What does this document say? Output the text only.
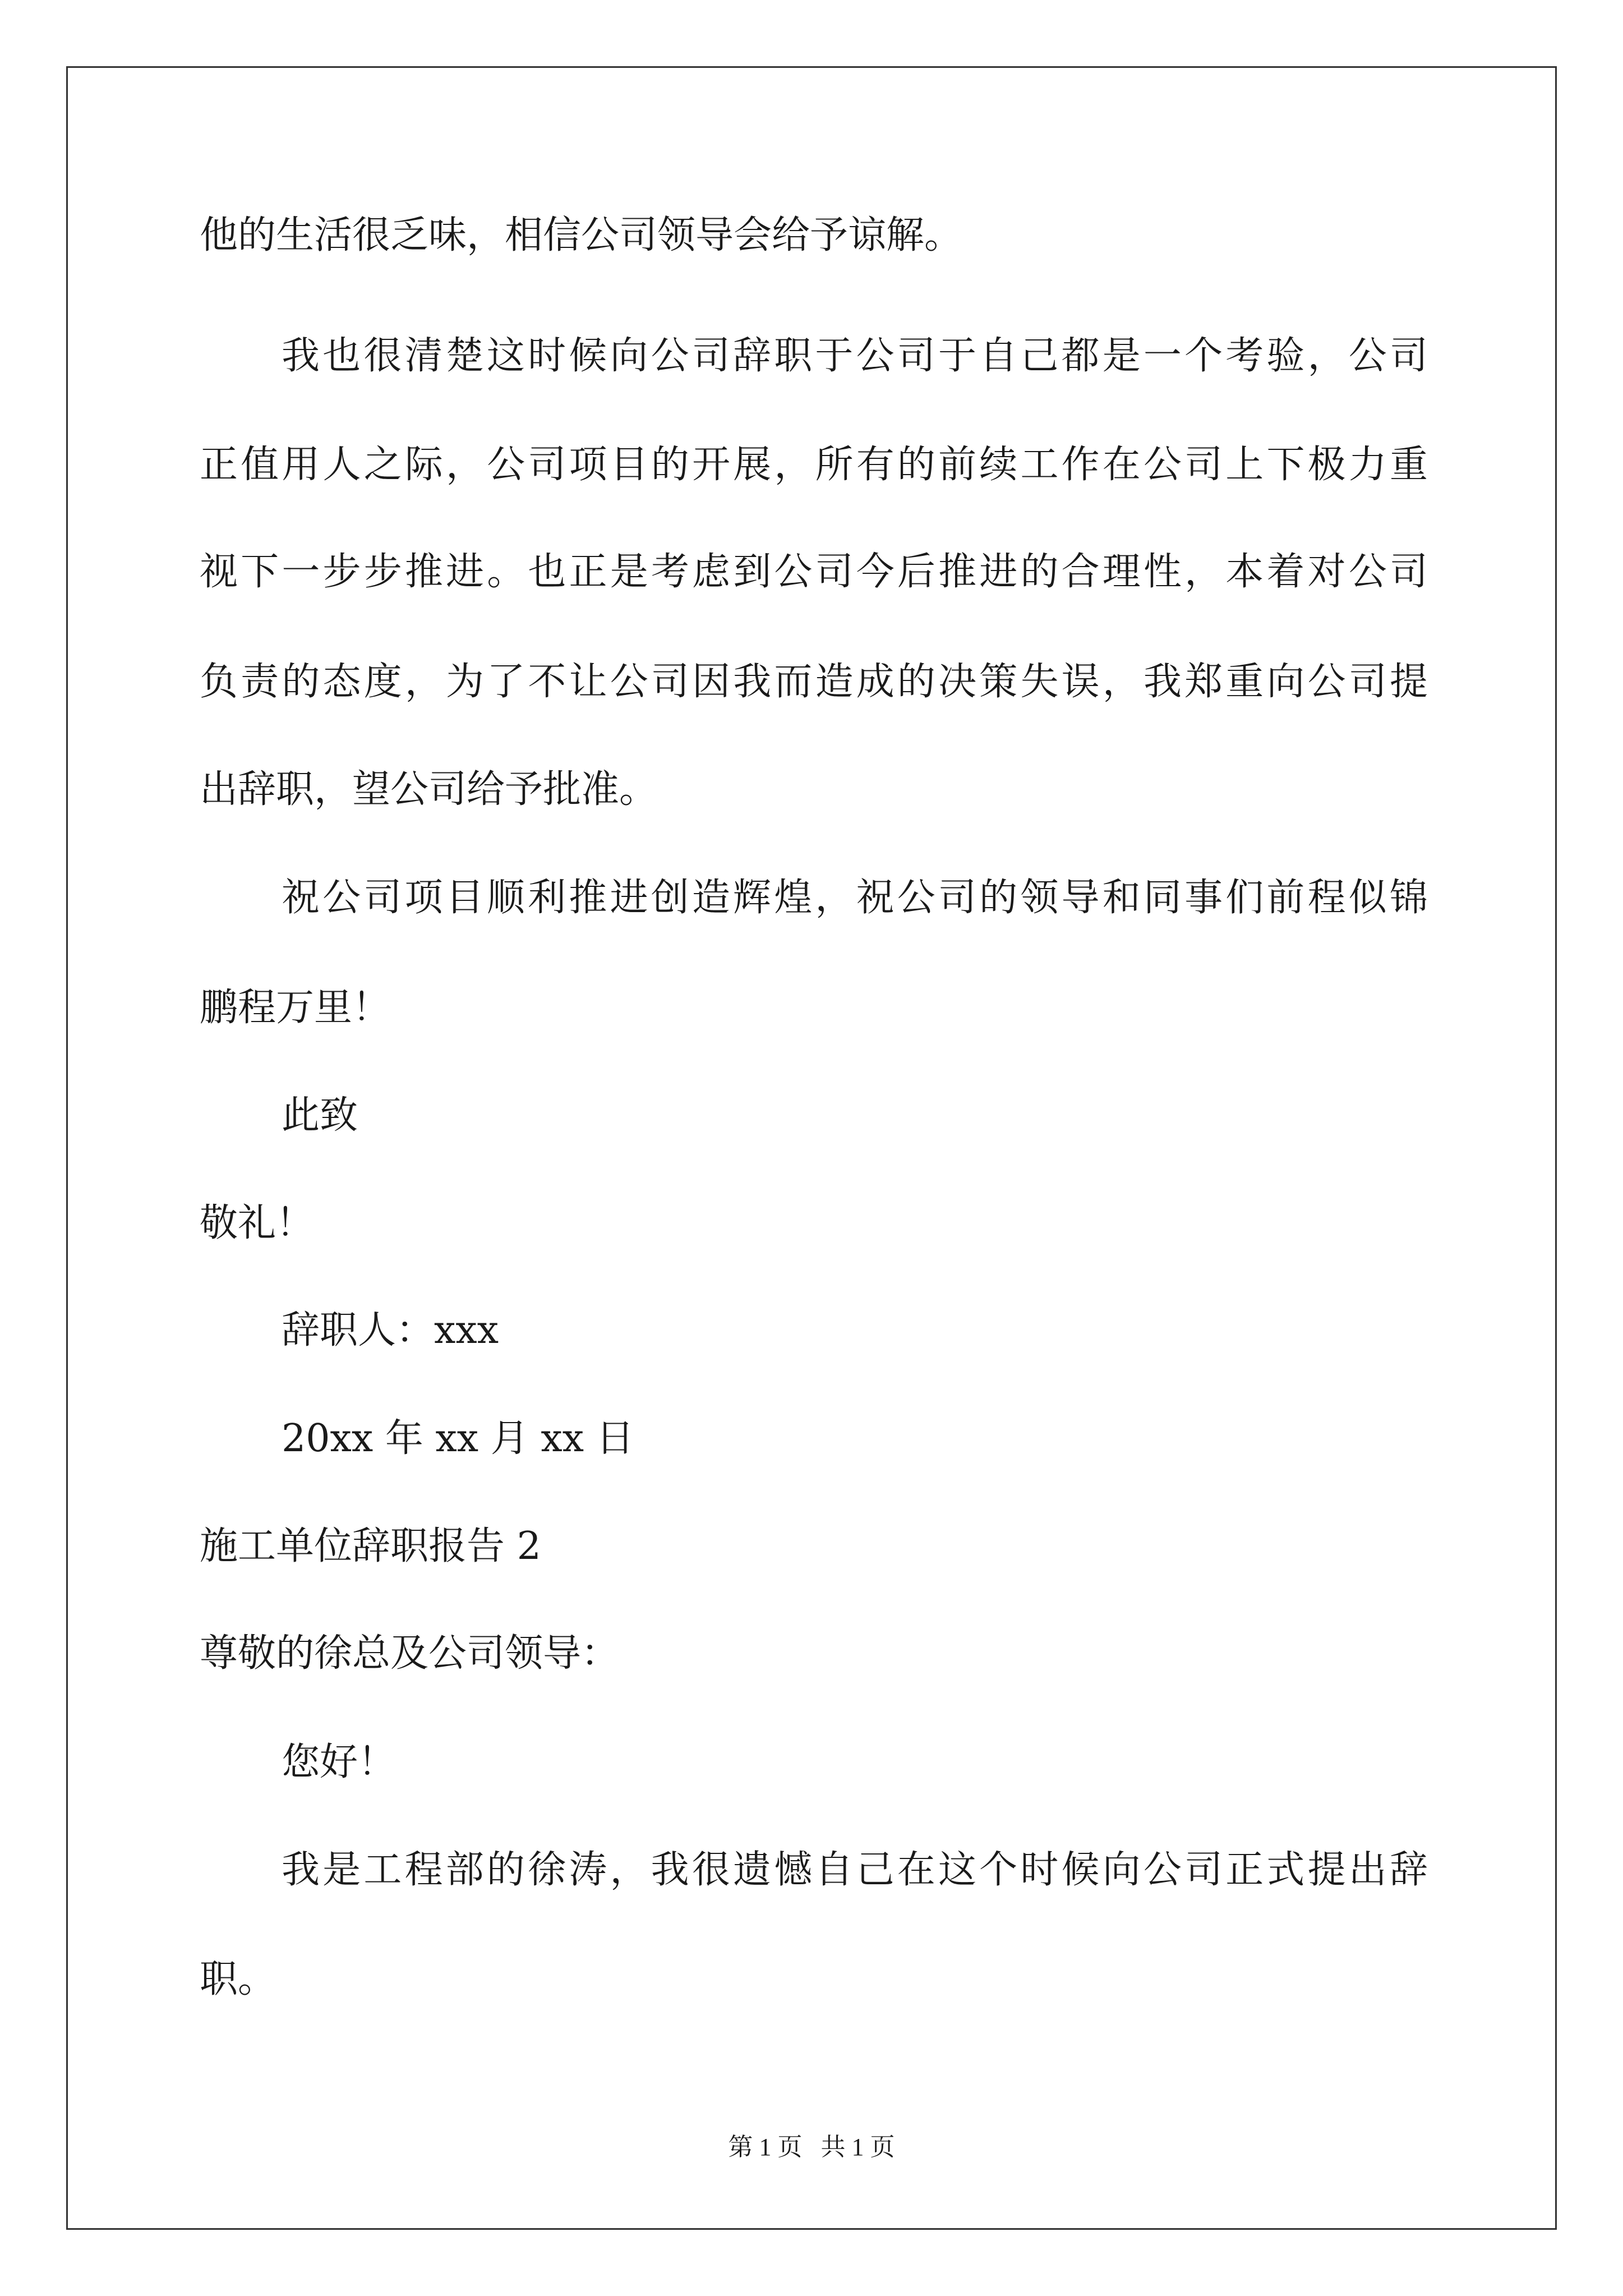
他的生活很乏味，相信公司领导会给予谅解。
我也很清楚这时候向公司辞职于公司于自己都是一个考验，公司
正值用人之际，公司项目的开展，所有的前续工作在公司上下极力重
视下一步步推进。也正是考虑到公司今后推进的合理性，本着对公司
负责的态度，为了不让公司因我而造成的决策失误，我郑重向公司提
出辞职，望公司给予批准。
祝公司项目顺利推进创造辉煌，祝公司的领导和同事们前程似锦
鹏程万里！
此致
敬礼！
辞职人：xxx
20xx 年 xx 月 xx 日
施工单位辞职报告 2
尊敬的徐总及公司领导：
您好！
我是工程部的徐涛，我很遗憾自己在这个时候向公司正式提出辞
职。
第 1 页 共 1 页
